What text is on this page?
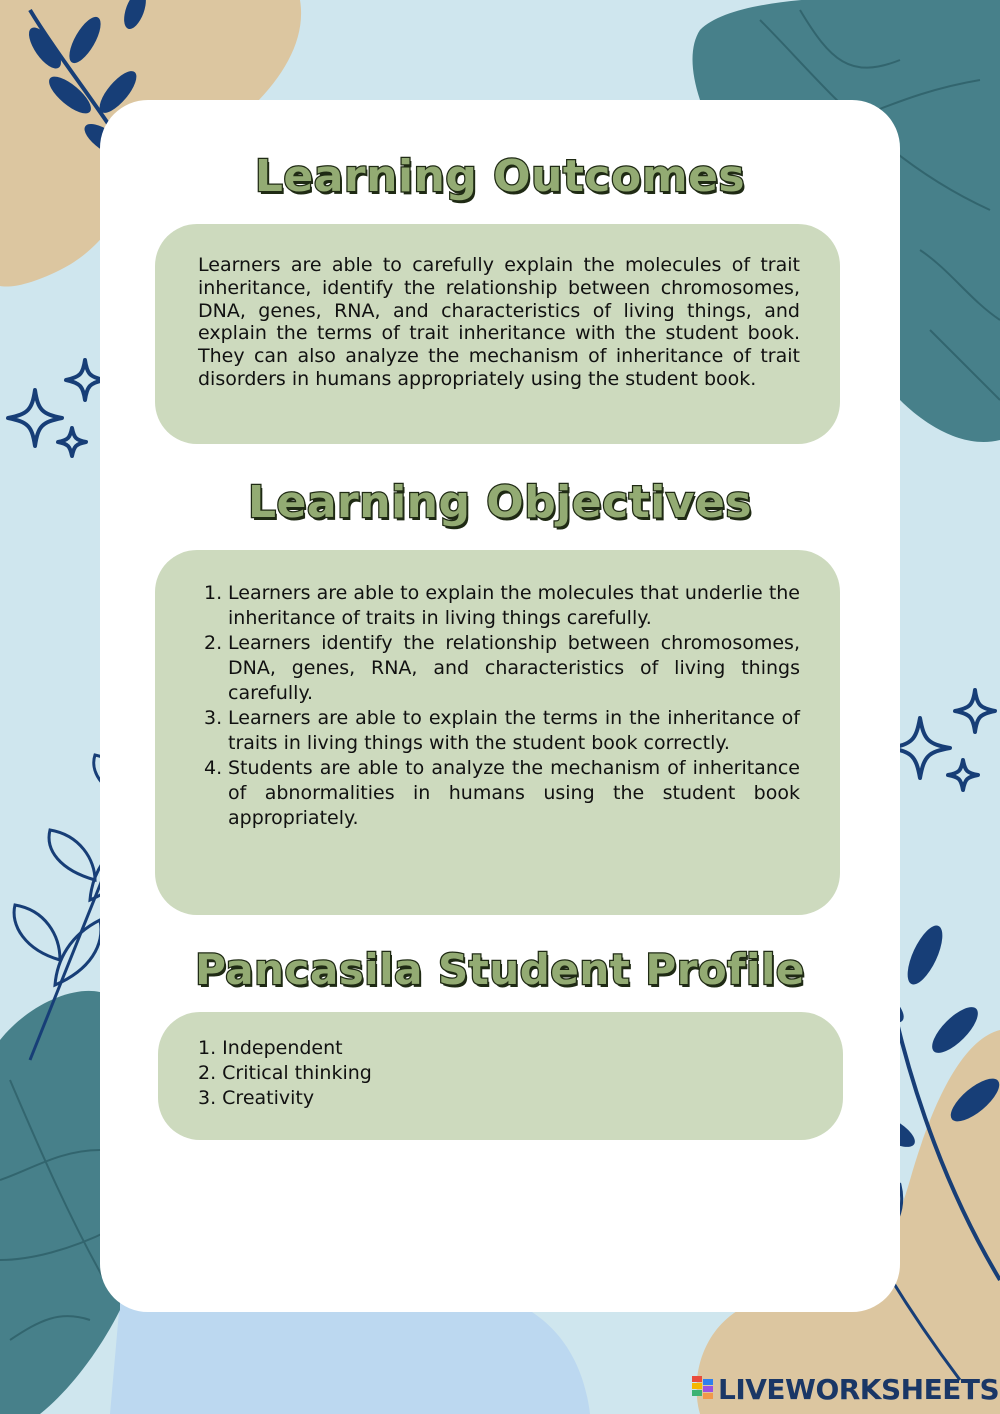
Learning Outcomes

Learners are able to carefully explain the molecules of trait inheritance, identify the relationship between chromosomes, DNA, genes, RNA, and characteristics of living things, and explain the terms of trait inheritance with the student book. They can also analyze the mechanism of inheritance of trait disorders in humans appropriately using the student book.

Learning Objectives
1. Learners are able to explain the molecules that underlie the inheritance of traits in living things carefully.
2. Learners identify the relationship between chromosomes, DNA, genes, RNA, and characteristics of living things carefully.
3. Learners are able to explain the terms in the inheritance of traits in living things with the student book correctly.
4. Students are able to analyze the mechanism of inheritance of abnormalities in humans using the student book appropriately.
Pancasila Student Profile
1. Independent
2. Critical thinking
3. Creativity
LIVEWORKSHEETS
